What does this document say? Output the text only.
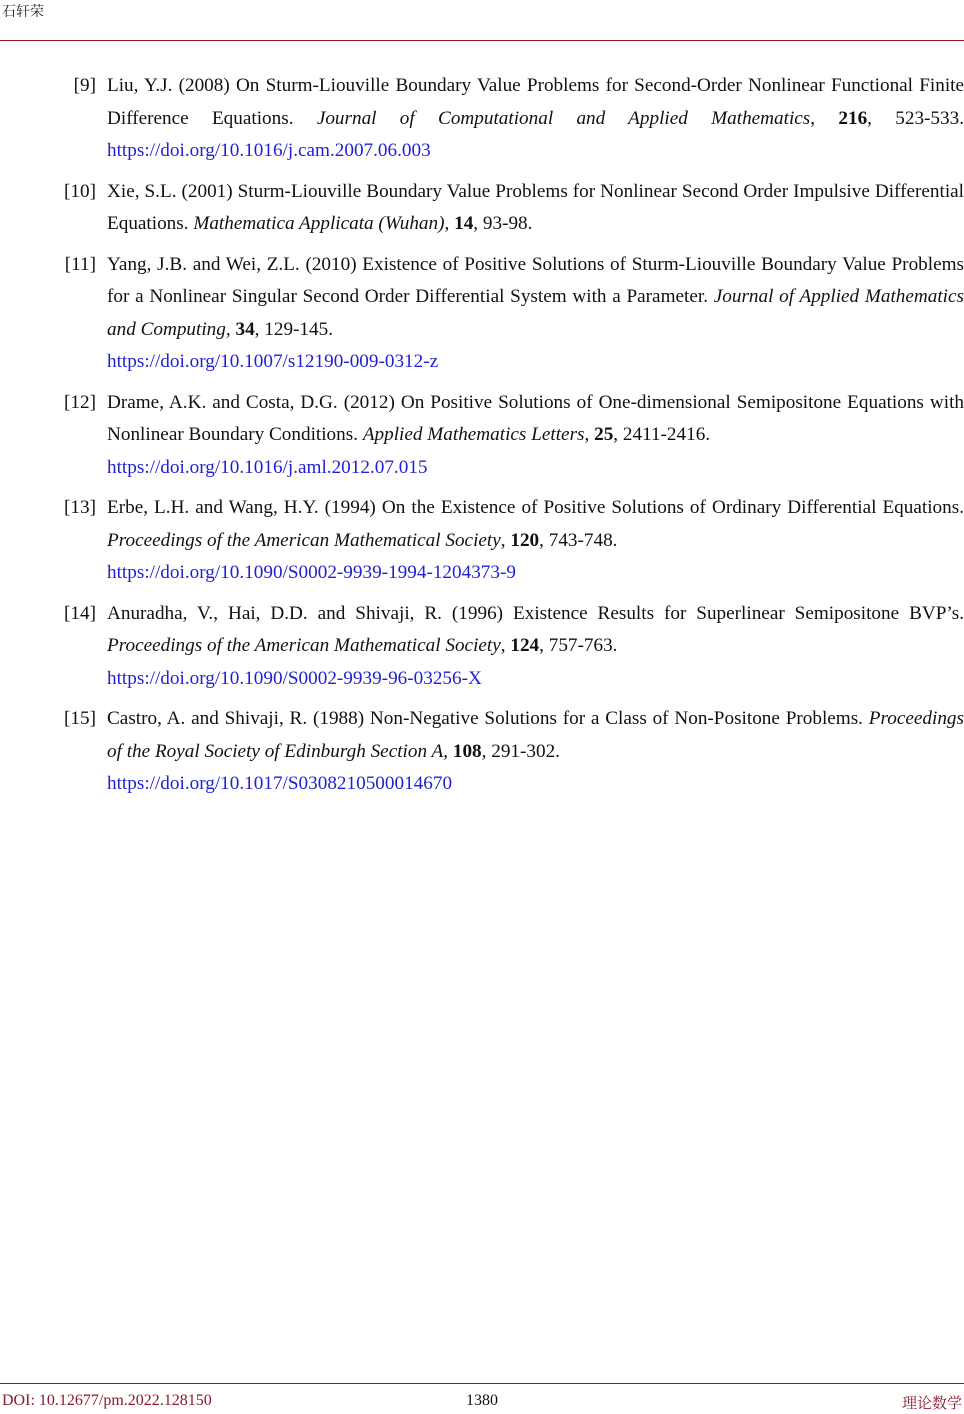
石轩荣
[9] Liu, Y.J. (2008) On Sturm-Liouville Boundary Value Problems for Second-Order Nonlinear Functional Finite Difference Equations. Journal of Computational and Applied Mathematics, 216, 523-533. https://doi.org/10.1016/j.cam.2007.06.003
[10] Xie, S.L. (2001) Sturm-Liouville Boundary Value Problems for Nonlinear Second Order Impulsive Differential Equations. Mathematica Applicata (Wuhan), 14, 93-98.
[11] Yang, J.B. and Wei, Z.L. (2010) Existence of Positive Solutions of Sturm-Liouville Boundary Value Problems for a Nonlinear Singular Second Order Differential System with a Parameter. Journal of Applied Mathematics and Computing, 34, 129-145.
https://doi.org/10.1007/s12190-009-0312-z
[12] Drame, A.K. and Costa, D.G. (2012) On Positive Solutions of One-dimensional Semipositone Equations with Nonlinear Boundary Conditions. Applied Mathematics Letters, 25, 2411-2416.
https://doi.org/10.1016/j.aml.2012.07.015
[13] Erbe, L.H. and Wang, H.Y. (1994) On the Existence of Positive Solutions of Ordinary Differential Equations. Proceedings of the American Mathematical Society, 120, 743-748.
https://doi.org/10.1090/S0002-9939-1994-1204373-9
[14] Anuradha, V., Hai, D.D. and Shivaji, R. (1996) Existence Results for Superlinear Semipositone BVP’s. Proceedings of the American Mathematical Society, 124, 757-763.
https://doi.org/10.1090/S0002-9939-96-03256-X
[15] Castro, A. and Shivaji, R. (1988) Non-Negative Solutions for a Class of Non-Positone Problems. Proceedings of the Royal Society of Edinburgh Section A, 108, 291-302.
https://doi.org/10.1017/S0308210500014670
DOI: 10.12677/pm.2022.128150	1380	理论数学
